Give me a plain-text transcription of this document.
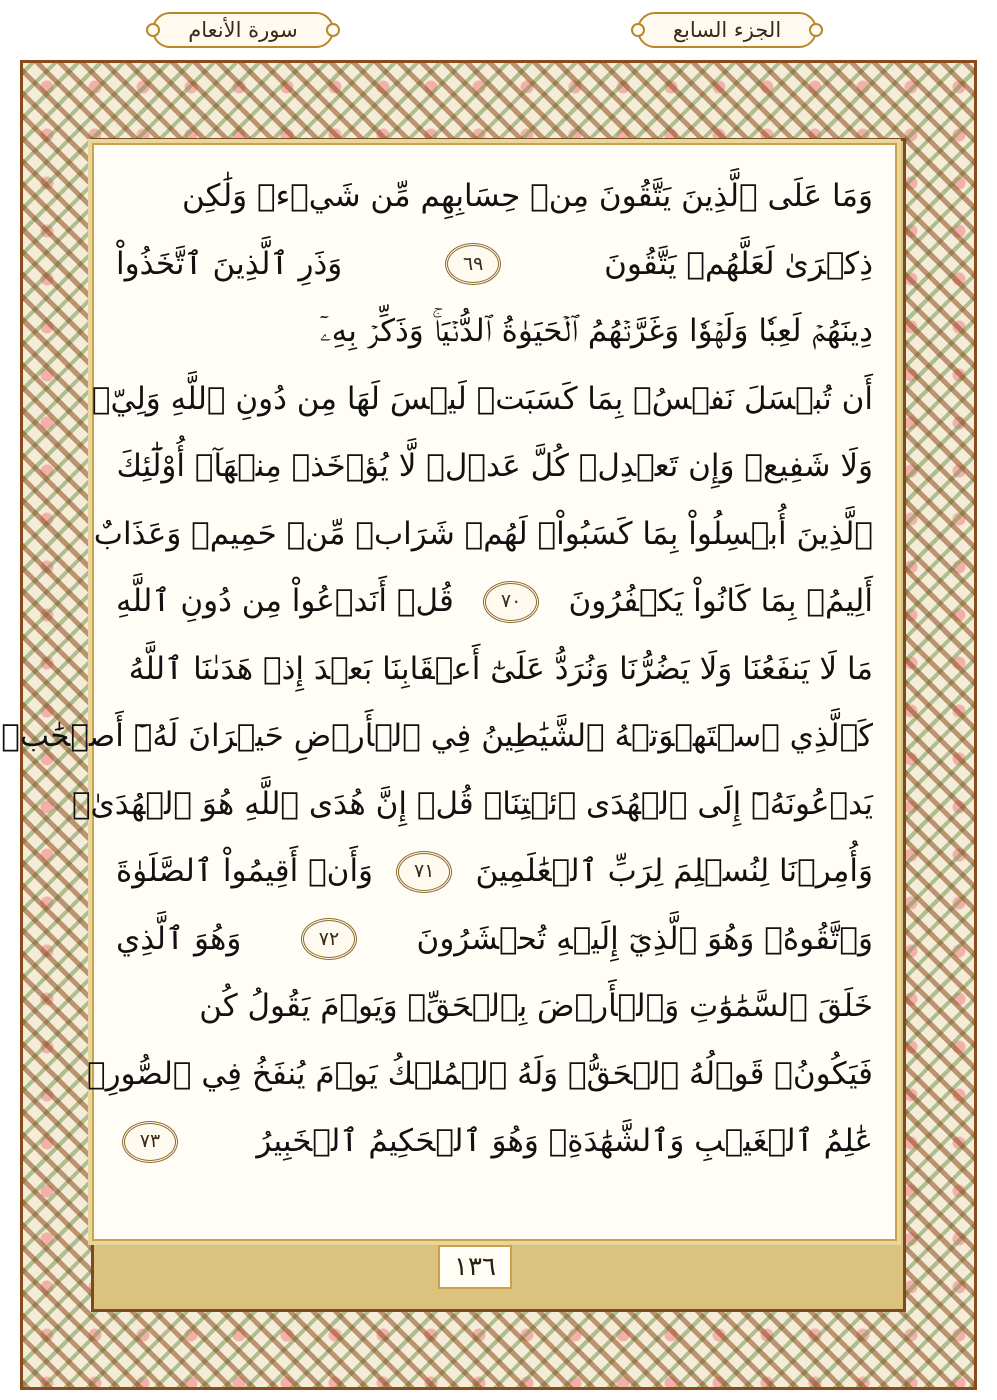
سورة الأنعام	الجزء السابع
وَمَا عَلَى ٱلَّذِينَ يَتَّقُونَ مِنۡ حِسَابِهِم مِّن شَيۡءٖ وَلَٰكِن
ذِكۡرَىٰ لَعَلَّهُمۡ يَتَّقُونَ
٦٩
وَذَرِ ٱلَّذِينَ ٱتَّخَذُواْ
دِينَهُمۡ لَعِبٗا وَلَهۡوٗا وَغَرَّتۡهُمُ ٱلۡحَيَوٰةُ ٱلدُّنۡيَاۚ وَذَكِّرۡ بِهِۦٓ
أَن تُبۡسَلَ نَفۡسُۢ بِمَا كَسَبَتۡ لَيۡسَ لَهَا مِن دُونِ ٱللَّهِ وَلِيّٞ
وَلَا شَفِيعٞ وَإِن تَعۡدِلۡ كُلَّ عَدۡلٖ لَّا يُؤۡخَذۡ مِنۡهَآۗ أُوْلَٰٓئِكَ
ٱلَّذِينَ أُبۡسِلُواْ بِمَا كَسَبُواْۖ لَهُمۡ شَرَابٞ مِّنۡ حَمِيمٖ وَعَذَابٌ
أَلِيمُۢ بِمَا كَانُواْ يَكۡفُرُونَ
٧٠
قُلۡ أَنَدۡعُواْ مِن دُونِ ٱللَّهِ
مَا لَا يَنفَعُنَا وَلَا يَضُرُّنَا وَنُرَدُّ عَلَىٰٓ أَعۡقَابِنَا بَعۡدَ إِذۡ هَدَىٰنَا ٱللَّهُ
كَٱلَّذِي ٱسۡتَهۡوَتۡهُ ٱلشَّيَٰطِينُ فِي ٱلۡأَرۡضِ حَيۡرَانَ لَهُۥٓ أَصۡحَٰبٞ
يَدۡعُونَهُۥٓ إِلَى ٱلۡهُدَى ٱئۡتِنَاۗ قُلۡ إِنَّ هُدَى ٱللَّهِ هُوَ ٱلۡهُدَىٰۖ
وَأُمِرۡنَا لِنُسۡلِمَ لِرَبِّ ٱلۡعَٰلَمِينَ
٧١
وَأَنۡ أَقِيمُواْ ٱلصَّلَوٰةَ
وَٱتَّقُوهُۚ وَهُوَ ٱلَّذِيٓ إِلَيۡهِ تُحۡشَرُونَ
٧٢
وَهُوَ ٱلَّذِي
خَلَقَ ٱلسَّمَٰوَٰتِ وَٱلۡأَرۡضَ بِٱلۡحَقِّۖ وَيَوۡمَ يَقُولُ كُن
فَيَكُونُۚ قَوۡلُهُ ٱلۡحَقُّۚ وَلَهُ ٱلۡمُلۡكُ يَوۡمَ يُنفَخُ فِي ٱلصُّورِۚ
عَٰلِمُ ٱلۡغَيۡبِ وَٱلشَّهَٰدَةِۚ وَهُوَ ٱلۡحَكِيمُ ٱلۡخَبِيرُ
٧٣
١٣٦
